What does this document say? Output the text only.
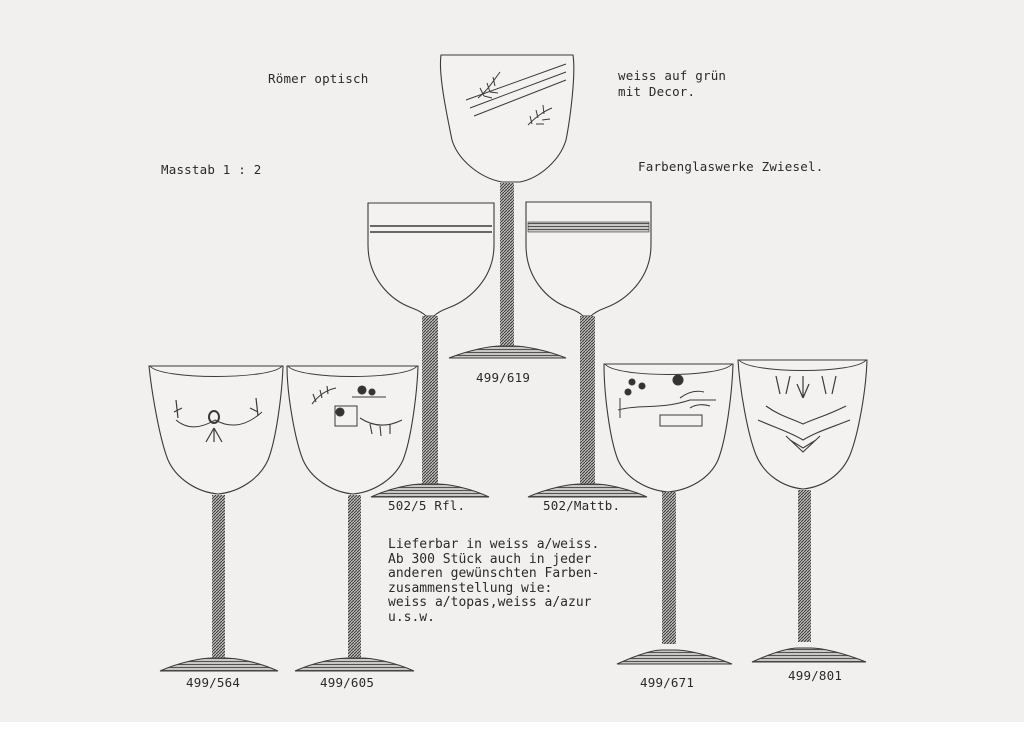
Römer optisch	weiss auf grün
mit Decor.
Masstab 1 : 2	Farbenglaswerke Zwiesel.
499/619
502/5 Rfl.	502/Mattb.
499/564	499/605	499/671	499/801
Lieferbar in weiss a/weiss.
Ab 300 Stück auch in jeder
anderen gewünschten Farben-
zusammenstellung wie:
weiss a/topas,weiss a/azur
u.s.w.
